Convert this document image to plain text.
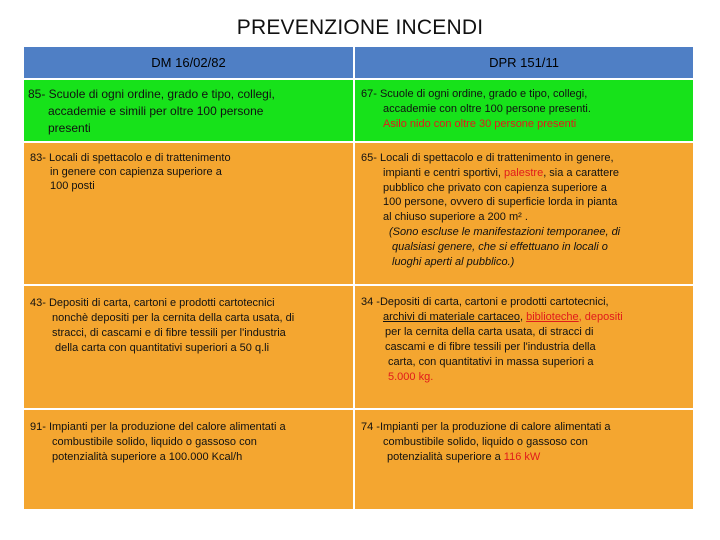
PREVENZIONE INCENDI
DM 16/02/82	DPR 151/11
85- Scuole di ogni ordine, grado e tipo, collegi,
accademie e simili per oltre 100 persone
presenti
67- Scuole di ogni ordine, grado e tipo, collegi,
accademie con oltre 100 persone presenti.
Asilo nido con oltre 30 persone presenti
83- Locali di spettacolo e di trattenimento
in genere con capienza superiore a
100 posti
65- Locali di spettacolo e di trattenimento in genere,
impianti e centri sportivi, palestre, sia a carattere
pubblico che privato con capienza superiore a
100 persone, ovvero di superficie lorda in pianta
al chiuso superiore a 200 m² .
(Sono escluse le manifestazioni temporanee, di
qualsiasi genere, che si effettuano in locali o
luoghi aperti al pubblico.)
43- Depositi di carta, cartoni e prodotti cartotecnici
nonchè depositi per la cernita della carta usata, di
stracci, di cascami e di fibre tessili per l'industria
della carta con quantitativi superiori a 50 q.li
34 -Depositi di carta, cartoni e prodotti cartotecnici,
archivi di materiale cartaceo, biblioteche, depositi
per la cernita della carta usata, di stracci di
cascami e di fibre tessili per l'industria della
carta, con quantitativi in massa superiori a
5.000 kg.
91- Impianti per la produzione del calore alimentati a
combustibile solido, liquido o gassoso con
potenzialità superiore a 100.000 Kcal/h
74 -Impianti per la produzione di calore alimentati a
combustibile solido, liquido o gassoso con
potenzialità superiore a 116 kW
